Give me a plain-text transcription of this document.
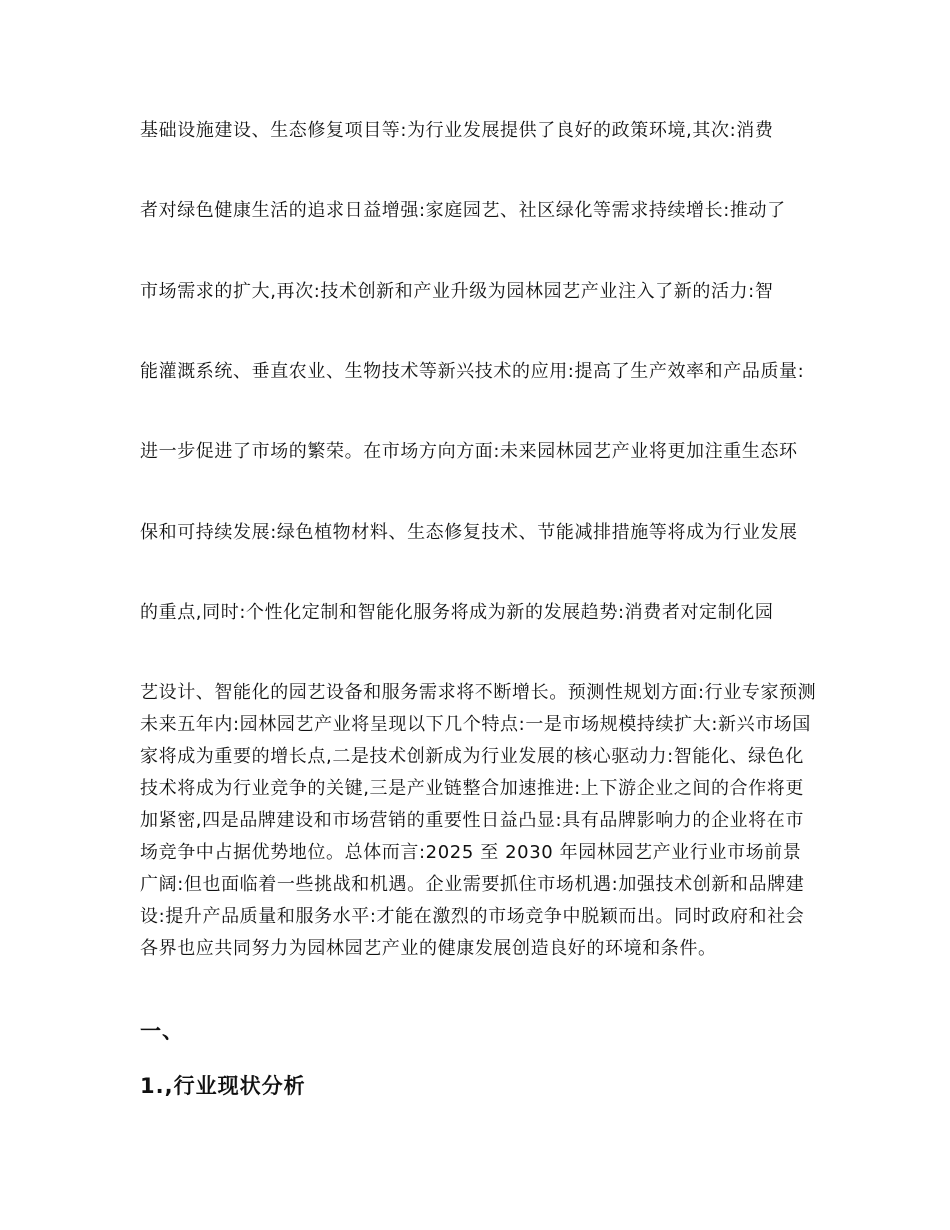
基础设施建设、生态修复项目等:为行业发展提供了良好的政策环境,其次:消费

者对绿色健康生活的追求日益增强:家庭园艺、社区绿化等需求持续增长:推动了

市场需求的扩大,再次:技术创新和产业升级为园林园艺产业注入了新的活力:智

能灌溉系统、垂直农业、生物技术等新兴技术的应用:提高了生产效率和产品质量:

进一步促进了市场的繁荣。在市场方向方面:未来园林园艺产业将更加注重生态环

保和可持续发展:绿色植物材料、生态修复技术、节能减排措施等将成为行业发展

的重点,同时:个性化定制和智能化服务将成为新的发展趋势:消费者对定制化园

艺设计、智能化的园艺设备和服务需求将不断增长。预测性规划方面:行业专家预测未来五年内:园林园艺产业将呈现以下几个特点:一是市场规模持续扩大:新兴市场国家将成为重要的增长点,二是技术创新成为行业发展的核心驱动力:智能化、绿色化技术将成为行业竞争的关键,三是产业链整合加速推进:上下游企业之间的合作将更加紧密,四是品牌建设和市场营销的重要性日益凸显:具有品牌影响力的企业将在市场竞争中占据优势地位。总体而言:2025 至 2030 年园林园艺产业行业市场前景广阔:但也面临着一些挑战和机遇。企业需要抓住市场机遇:加强技术创新和品牌建设:提升产品质量和服务水平:才能在激烈的市场竞争中脱颖而出。同时政府和社会各界也应共同努力为园林园艺产业的健康发展创造良好的环境和条件。

一、
1.,行业现状分析
